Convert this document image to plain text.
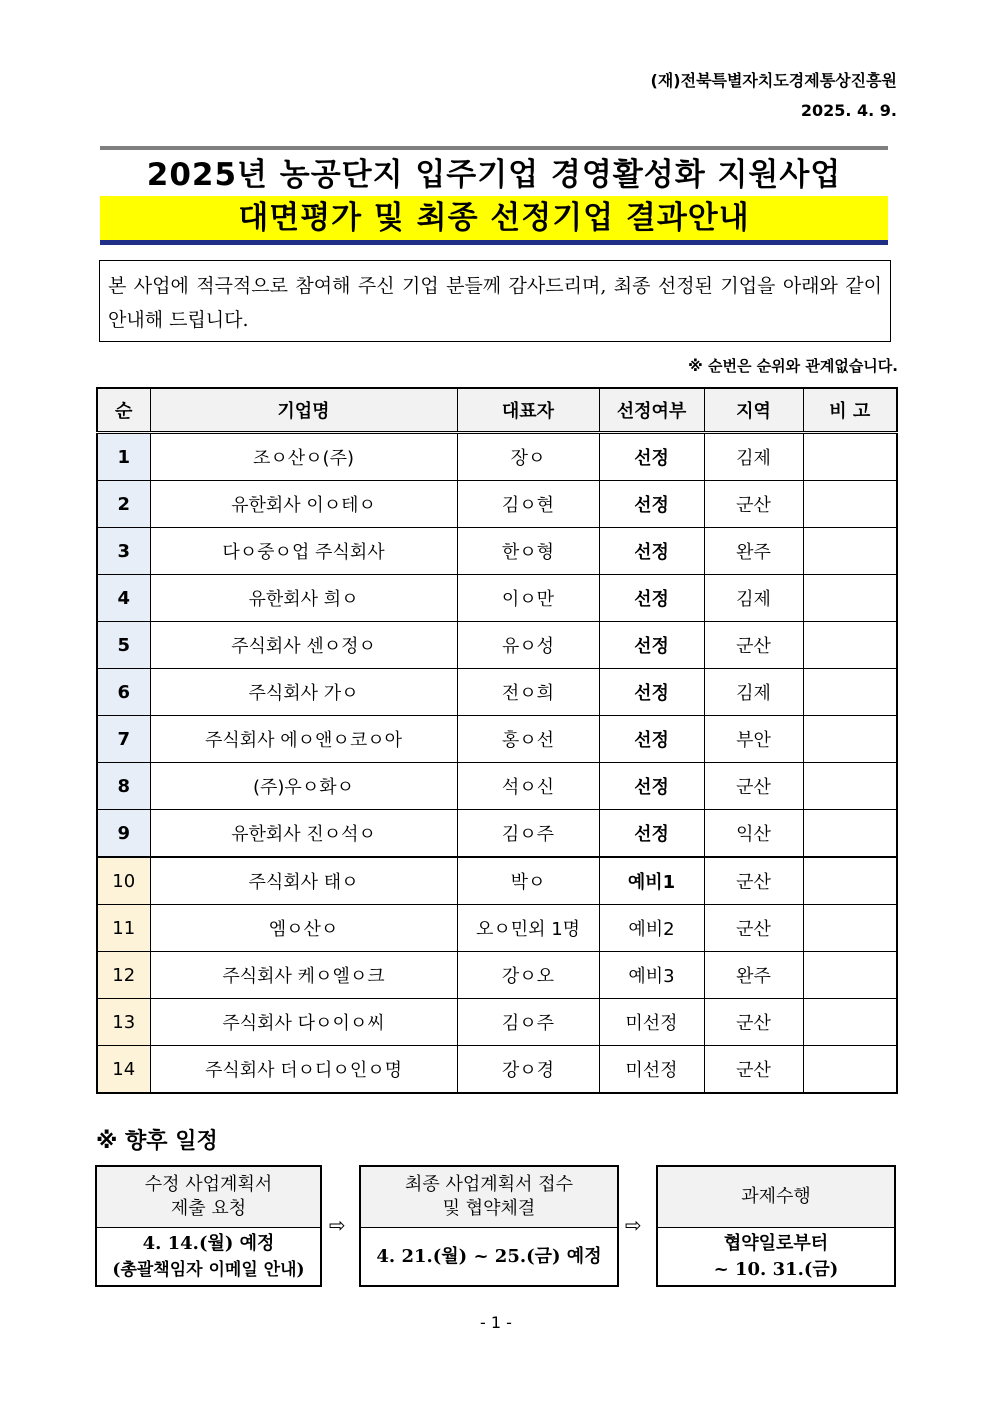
(재)전북특별자치도경제통상진흥원
2025. 4. 9.
2025년 농공단지 입주기업 경영활성화 지원사업
대면평가 및 최종 선정기업 결과안내
본 사업에 적극적으로 참여해 주신 기업 분들께 감사드리며, 최종 선정된 기업을 아래와 같이 안내해 드립니다.
※ 순번은 순위와 관계없습니다.
순	기업명	대표자	선정여부	지역	비 고
1	조ㅇ산ㅇ(주)	장ㅇ	선정	김제	
2	유한회사 이ㅇ테ㅇ	김ㅇ현	선정	군산	
3	다ㅇ중ㅇ업 주식회사	한ㅇ형	선정	완주	
4	유한회사 희ㅇ	이ㅇ만	선정	김제	
5	주식회사 센ㅇ정ㅇ	유ㅇ성	선정	군산	
6	주식회사 가ㅇ	전ㅇ희	선정	김제	
7	주식회사 에ㅇ앤ㅇ코ㅇ아	홍ㅇ선	선정	부안	
8	(주)우ㅇ화ㅇ	석ㅇ신	선정	군산	
9	유한회사 진ㅇ석ㅇ	김ㅇ주	선정	익산	
10	주식회사 태ㅇ	박ㅇ	예비1	군산	
11	엠ㅇ산ㅇ	오ㅇ민외 1명	예비2	군산	
12	주식회사 케ㅇ엘ㅇ크	강ㅇ오	예비3	완주	
13	주식회사 다ㅇ이ㅇ씨	김ㅇ주	미선정	군산	
14	주식회사 더ㅇ디ㅇ인ㅇ명	강ㅇ경	미선정	군산	
※ 향후 일정
수정 사업계획서
제출 요청
4. 14.(월) 예정
(총괄책임자 이메일 안내)
⇨
최종 사업계획서 접수
및 협약체결
4. 21.(월) ~ 25.(금) 예정
⇨
과제수행
협약일로부터
~ 10. 31.(금)
- 1 -
